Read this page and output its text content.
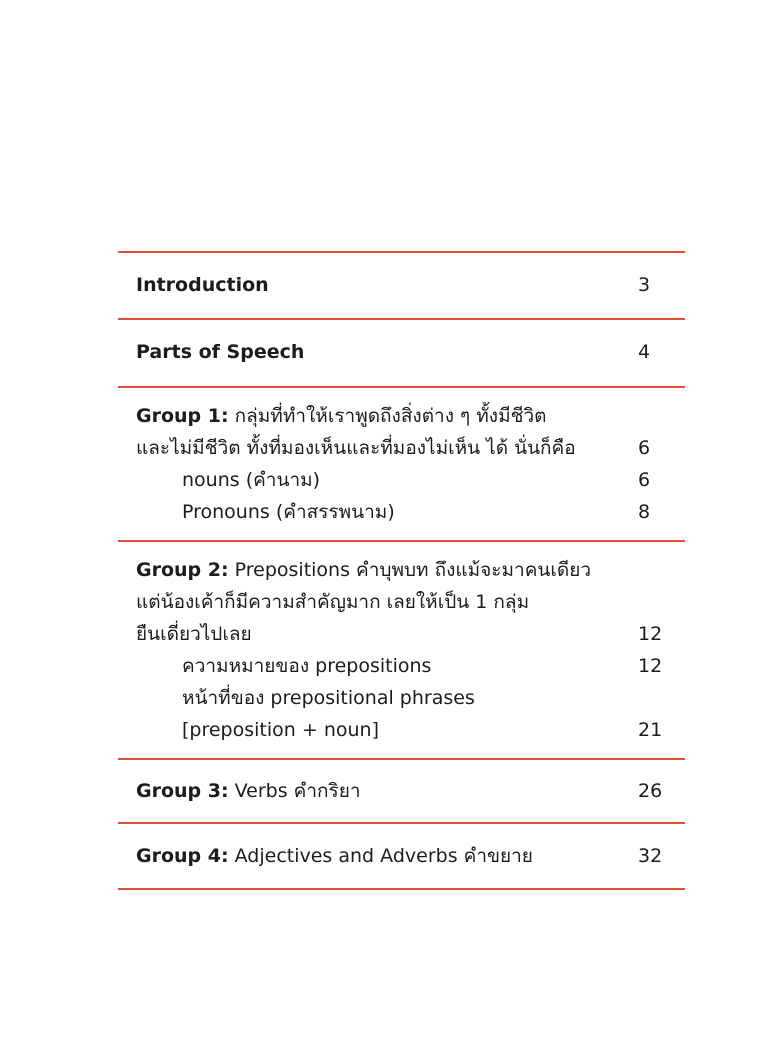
Introduction	3
Parts of Speech	4
Group 1: กลุ่มที่ทำให้เราพูดถึงสิ่งต่าง ๆ ทั้งมีชีวิต
และไม่มีชีวิต ทั้งที่มองเห็นและที่มองไม่เห็น ได้ นั่นก็คือ	6
nouns (คำนาม)	6
Pronouns (คำสรรพนาม)	8
Group 2: Prepositions คำบุพบท ถึงแม้จะมาคนเดียว
แต่น้องเค้าก็มีความสำคัญมาก เลยให้เป็น 1 กลุ่ม
ยืนเดี่ยวไปเลย	12
ความหมายของ prepositions	12
หน้าที่ของ prepositional phrases
[preposition + noun]	21
Group 3: Verbs คำกริยา	26
Group 4: Adjectives and Adverbs คำขยาย	32
